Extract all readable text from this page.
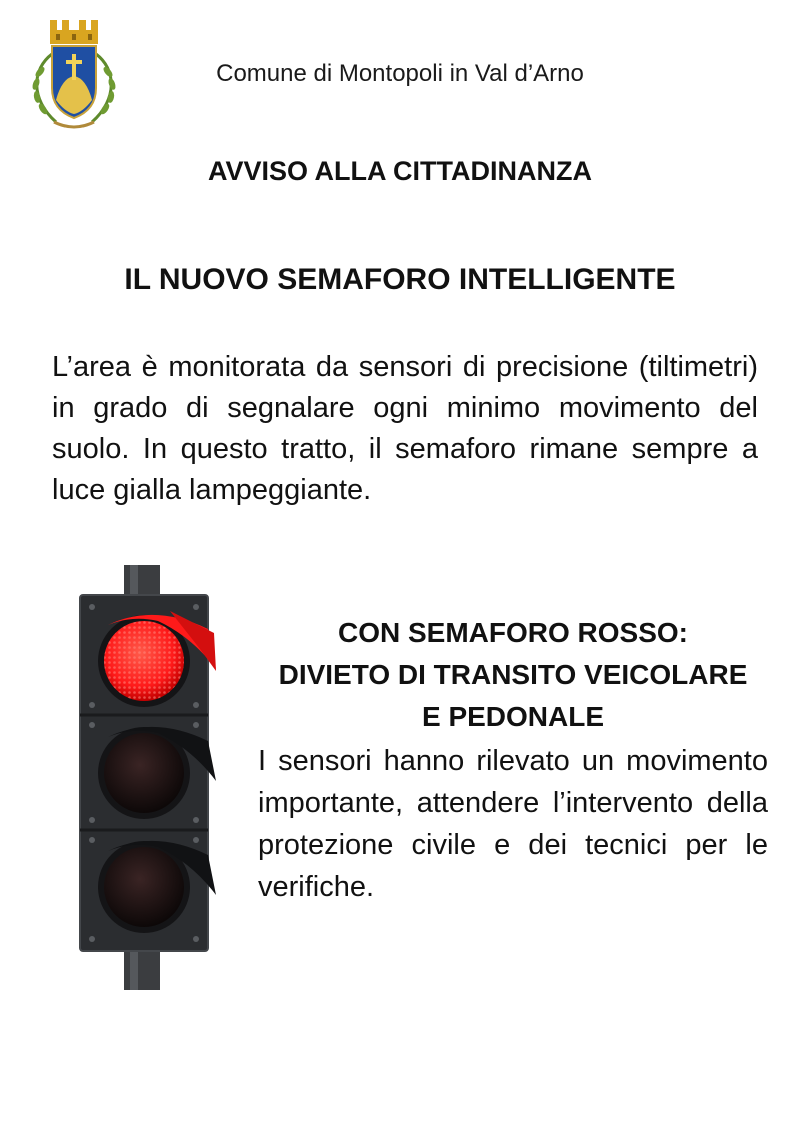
Comune di Montopoli in Val d’Arno
AVVISO ALLA CITTADINANZA
IL NUOVO SEMAFORO INTELLIGENTE
L’area è monitorata da sensori di precisione (tiltimetri) in grado di segnalare ogni minimo movimento del suolo. In questo tratto, il semaforo rimane sempre a luce gialla lampeggiante.
CON SEMAFORO ROSSO:
DIVIETO DI TRANSITO VEICOLARE
E PEDONALE

I sensori hanno rilevato un movimento importante, attendere l’intervento della protezione civile e dei tecnici per le verifiche.
